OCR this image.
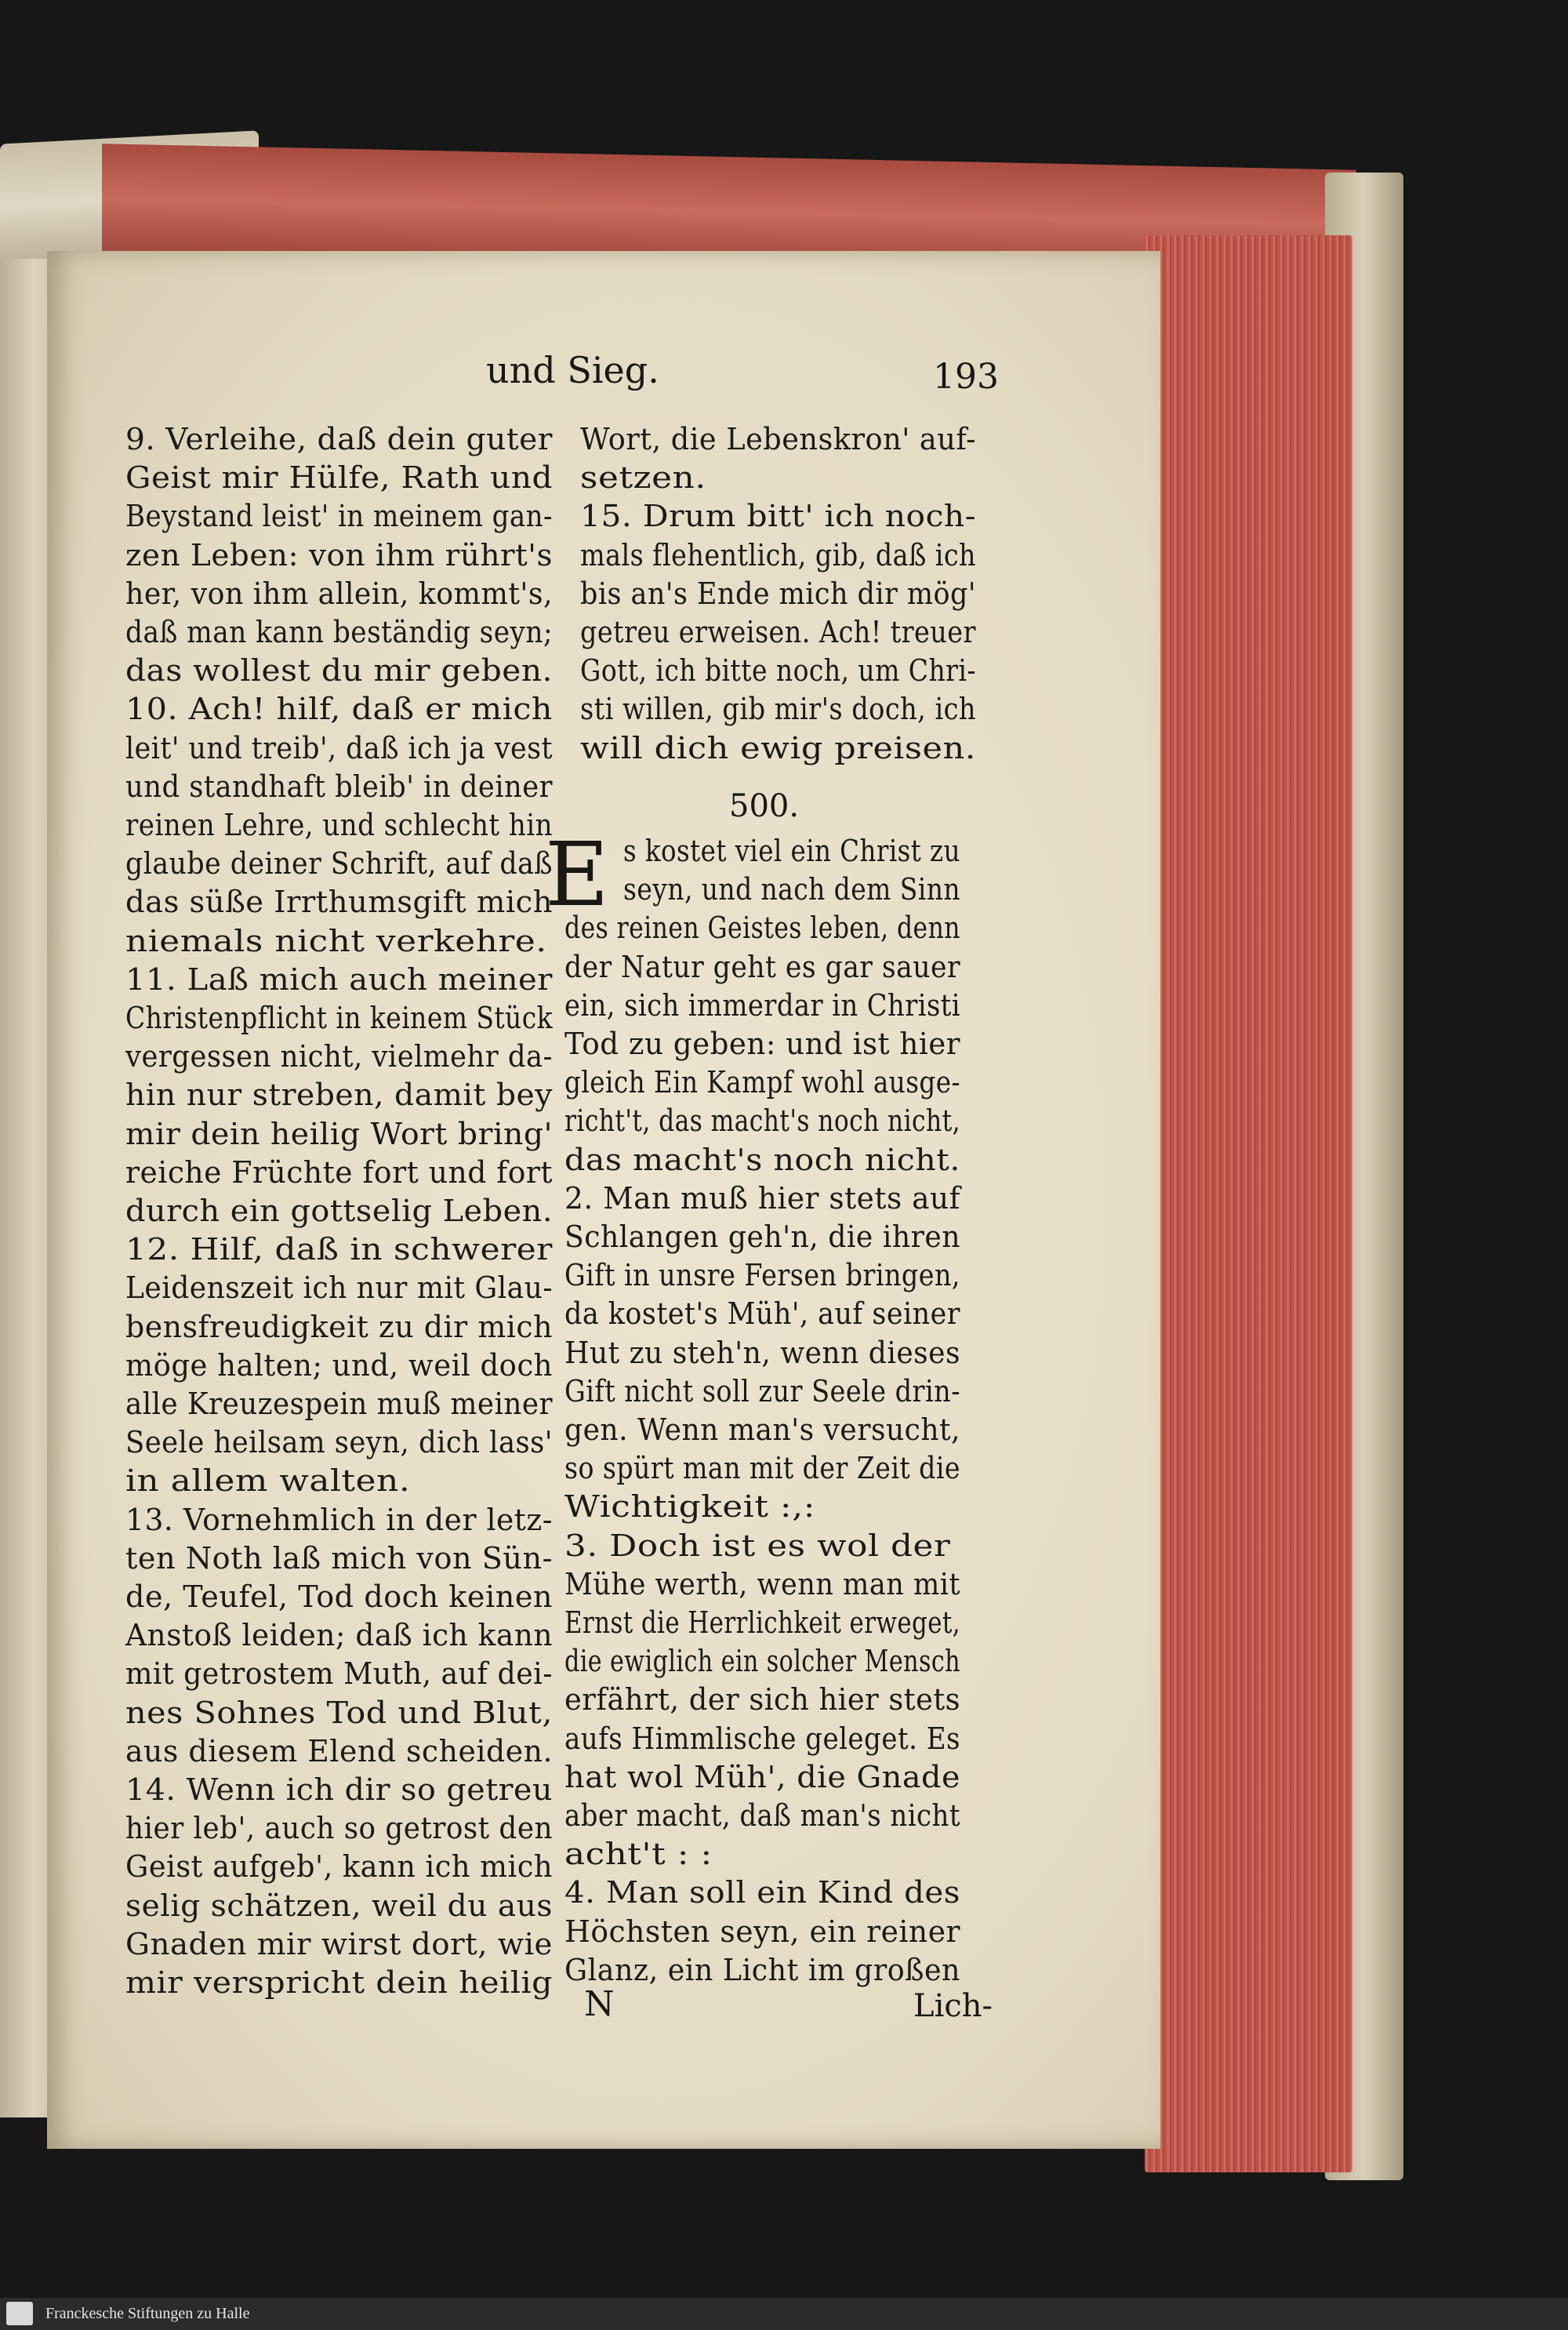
und Sieg.	193
9. Verleihe, daß dein guter
Geist mir Hülfe, Rath und
Beystand leist' in meinem gan-
zen Leben: von ihm rührt's
her, von ihm allein, kommt's,
daß man kann beständig seyn;
das wollest du mir geben.
10. Ach! hilf, daß er mich
leit' und treib', daß ich ja vest
und standhaft bleib' in deiner
reinen Lehre, und schlecht hin
glaube deiner Schrift, auf daß
das süße Irrthumsgift mich
niemals nicht verkehre.
11. Laß mich auch meiner
Christenpflicht in keinem Stück
vergessen nicht, vielmehr da-
hin nur streben, damit bey
mir dein heilig Wort bring'
reiche Früchte fort und fort
durch ein gottselig Leben.
12. Hilf, daß in schwerer
Leidenszeit ich nur mit Glau-
bensfreudigkeit zu dir mich
möge halten; und, weil doch
alle Kreuzespein muß meiner
Seele heilsam seyn, dich lass'
in allem walten.
13. Vornehmlich in der letz-
ten Noth laß mich von Sün-
de, Teufel, Tod doch keinen
Anstoß leiden; daß ich kann
mit getrostem Muth, auf dei-
nes Sohnes Tod und Blut,
aus diesem Elend scheiden.
14. Wenn ich dir so getreu
hier leb', auch so getrost den
Geist aufgeb', kann ich mich
selig schätzen, weil du aus
Gnaden mir wirst dort, wie
mir verspricht dein heilig
Wort, die Lebenskron' auf-
setzen.
15. Drum bitt' ich noch-
mals flehentlich, gib, daß ich
bis an's Ende mich dir mög'
getreu erweisen. Ach! treuer
Gott, ich bitte noch, um Chri-
sti willen, gib mir's doch, ich
will dich ewig preisen.
500.
E s kostet viel ein Christ zu
seyn, und nach dem Sinn
des reinen Geistes leben, denn
der Natur geht es gar sauer
ein, sich immerdar in Christi
Tod zu geben: und ist hier
gleich Ein Kampf wohl ausge-
richt't, das macht's noch nicht,
das macht's noch nicht.
2. Man muß hier stets auf
Schlangen geh'n, die ihren
Gift in unsre Fersen bringen,
da kostet's Müh', auf seiner
Hut zu steh'n, wenn dieses
Gift nicht soll zur Seele drin-
gen. Wenn man's versucht,
so spürt man mit der Zeit die
Wichtigkeit :,:
3. Doch ist es wol der
Mühe werth, wenn man mit
Ernst die Herrlichkeit erweget,
die ewiglich ein solcher Mensch
erfährt, der sich hier stets
aufs Himmlische geleget. Es
hat wol Müh', die Gnade
aber macht, daß man's nicht
acht't : :
4. Man soll ein Kind des
Höchsten seyn, ein reiner
Glanz, ein Licht im großen
N	Lich-
Franckesche Stiftungen zu Halle
